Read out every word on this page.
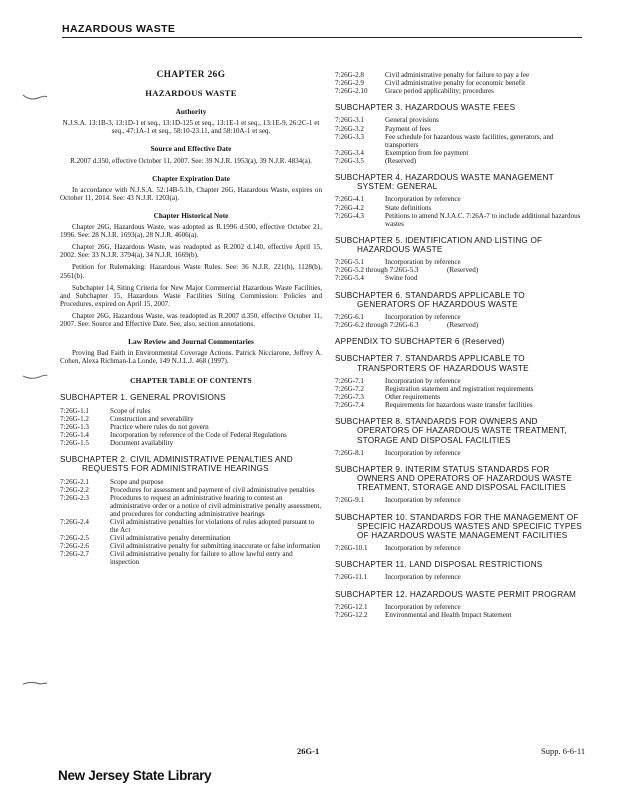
HAZARDOUS WASTE
CHAPTER 26G
HAZARDOUS WASTE
Authority
N.J.S.A. 13:1B-3, 13:1D-1 et seq., 13:1D-125 et seq., 13:1E-1 et seq., 13:1E-9, 26:2C-1 et seq., 47:1A-1 et seq., 58:10-23.11, and 58:10A-1 et seq.
Source and Effective Date
R.2007 d.350, effective October 11, 2007. See: 39 N.J.R. 1953(a), 39 N.J.R. 4834(a).
Chapter Expiration Date
In accordance with N.J.S.A. 52:14B-5.1b, Chapter 26G, Hazardous Waste, expires on October 11, 2014. See: 43 N.J.R. 1203(a).
Chapter Historical Note
Chapter 26G, Hazardous Waste, was adopted as R.1996 d.500, effective October 21, 1996. See: 28 N.J.R. 1693(a), 28 N.J.R. 4606(a).
Chapter 26G, Hazardous Waste, was readopted as R.2002 d.140, effective April 15, 2002. See: 33 N.J.R. 3794(a), 34 N.J.R. 1669(b).
Petition for Rulemaking: Hazardous Waste Rules. See: 36 N.J.R. 221(b), 1128(b), 2561(b).
Subchapter 14, Siting Criteria for New Major Commercial Hazardous Waste Facilities, and Subchapter 15, Hazardous Waste Facilities Siting Commission: Policies and Procedures, expired on April 15, 2007.
Chapter 26G, Hazardous Waste, was readopted as R.2007 d.350, effective October 11, 2007. See: Source and Effective Date. See, also, section annotations.
Law Review and Journal Commentaries
Proving Bad Faith in Environmental Coverage Actions. Patrick Nicciarone, Jeffrey A. Cohen, Alexa Richman-La Londe, 149 N.J.L.J. 468 (1997).
CHAPTER TABLE OF CONTENTS
SUBCHAPTER 1. GENERAL PROVISIONS
7:26G-1.1	Scope of rules
7:26G-1.2	Construction and severability
7:26G-1.3	Practice where rules do not govern
7:26G-1.4	Incorporation by reference of the Code of Federal Regulations
7:26G-1.5	Document availability
SUBCHAPTER 2. CIVIL ADMINISTRATIVE PENALTIES AND REQUESTS FOR ADMINISTRATIVE HEARINGS
7:26G-2.1	Scope and purpose
7:26G-2.2	Procedures for assessment and payment of civil administrative penalties
7:26G-2.3	Procedures to request an administrative hearing to contest an administrative order or a notice of civil administrative penalty assessment, and procedures for conducting administrative hearings
7:26G-2.4	Civil administrative penalties for violations of rules adopted pursuant to the Act
7:26G-2.5	Civil administrative penalty determination
7:26G-2.6	Civil administrative penalty for submitting inaccurate or false information
7:26G-2.7	Civil administrative penalty for failure to allow lawful entry and inspection
7:26G-2.8	Civil administrative penalty for failure to pay a fee
7:26G-2.9	Civil administrative penalty for economic benefit
7:26G-2.10	Grace period applicability; procedures
SUBCHAPTER 3. HAZARDOUS WASTE FEES
7:26G-3.1	General provisions
7:26G-3.2	Payment of fees
7:26G-3.3	Fee schedule for hazardous waste facilities, generators, and transporters
7:26G-3.4	Exemption from fee payment
7:26G-3.5	(Reserved)
SUBCHAPTER 4. HAZARDOUS WASTE MANAGEMENT SYSTEM: GENERAL
7:26G-4.1	Incorporation by reference
7:26G-4.2	State definitions
7:26G-4.3	Petitions to amend N.J.A.C. 7:26A-7 to include additional hazardous wastes
SUBCHAPTER 5. IDENTIFICATION AND LISTING OF HAZARDOUS WASTE
7:26G-5.1	Incorporation by reference
7:26G-5.2 through 7:26G-5.3	(Reserved)
7:26G-5.4	Swine food
SUBCHAPTER 6. STANDARDS APPLICABLE TO GENERATORS OF HAZARDOUS WASTE
7:26G-6.1	Incorporation by reference
7:26G-6.2 through 7:26G-6.3	(Reserved)
APPENDIX TO SUBCHAPTER 6 (Reserved)
SUBCHAPTER 7. STANDARDS APPLICABLE TO TRANSPORTERS OF HAZARDOUS WASTE
7:26G-7.1	Incorporation by reference
7:26G-7.2	Registration statement and registration requirements
7:26G-7.3	Other requirements
7:26G-7.4	Requirements for hazardous waste transfer facilities
SUBCHAPTER 8. STANDARDS FOR OWNERS AND OPERATORS OF HAZARDOUS WASTE TREATMENT, STORAGE AND DISPOSAL FACILITIES
7:26G-8.1	Incorporation by reference
SUBCHAPTER 9. INTERIM STATUS STANDARDS FOR OWNERS AND OPERATORS OF HAZARDOUS WASTE TREATMENT, STORAGE AND DISPOSAL FACILITIES
7:26G-9.1	Incorporation by reference
SUBCHAPTER 10. STANDARDS FOR THE MANAGEMENT OF SPECIFIC HAZARDOUS WASTES AND SPECIFIC TYPES OF HAZARDOUS WASTE MANAGEMENT FACILITIES
7:26G-10.1	Incorporation by reference
SUBCHAPTER 11. LAND DISPOSAL RESTRICTIONS
7:26G-11.1	Incorporation by reference
SUBCHAPTER 12. HAZARDOUS WASTE PERMIT PROGRAM
7:26G-12.1	Incorporation by reference
7:26G-12.2	Environmental and Health Impact Statement
26G-1	Supp. 6-6-11
New Jersey State Library
